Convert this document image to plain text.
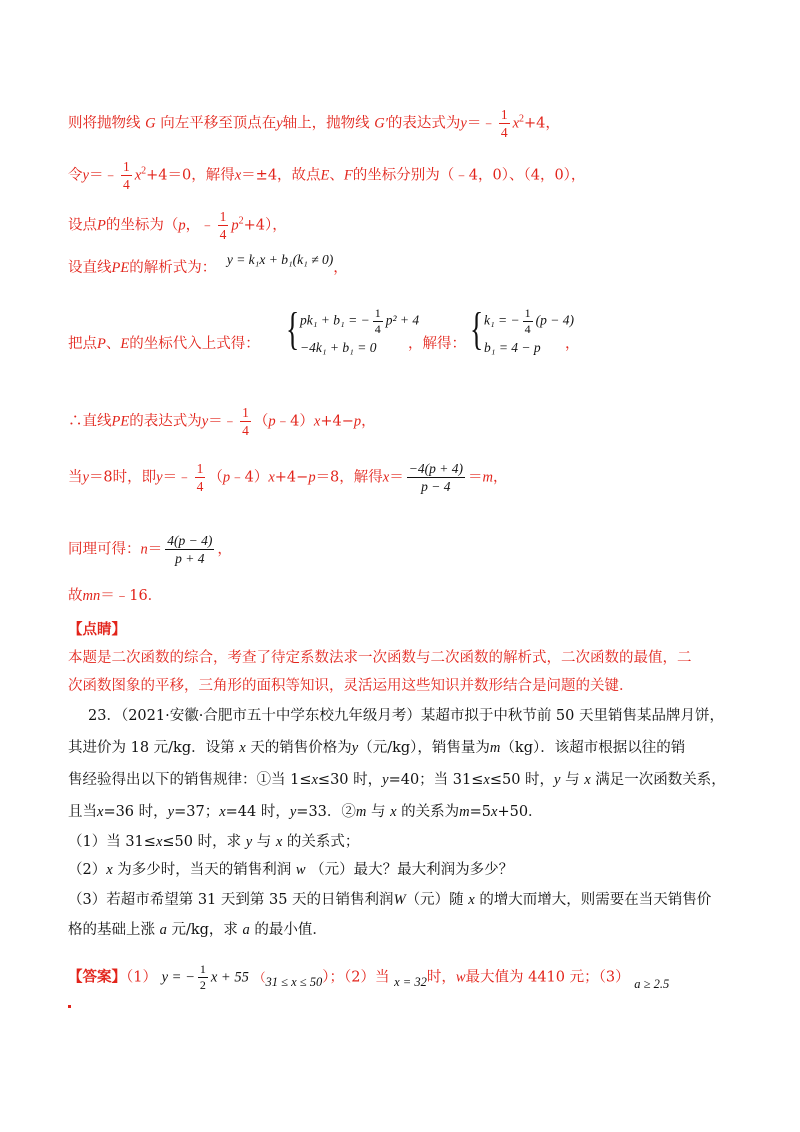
则将抛物线 G 向左平移至顶点在y轴上，抛物线 G′的表达式为y＝﹣ $\frac{1}{4} x^2+4$，
令y＝﹣ $\frac{1}{4} x^2+4=0$，解得x＝±4，故点E、F的坐标分别为（﹣4，0）、（4，0），
设点P的坐标为（p，﹣ $\frac{1}{4} p^2+4$），
设直线PE的解析式为： y = k₁x + b₁(k₁ ≠ 0)，
把点P、E的坐标代入上式得： { pk₁ + b₁ = − $\frac{1}{4} p^2 + 4$
−4k₁ + b₁ = 0 ，解得： { k₁ = − $\frac{1}{4} (p - 4)$
b₁ = 4 − p ，
∴直线PE的表达式为y＝﹣ $\frac{1}{4}$ （p﹣4）x+4−p，
当y＝8时，即y＝﹣ $\frac{1}{4}$ （p﹣4）x+4−p＝8，解得$x= \frac{-4(p + 4)}{p - 4} =m$，
同理可得：$n= \frac{4(p - 4)}{p + 4}$ ，
故mn＝﹣16．
【点睛】
本题是二次函数的综合，考查了待定系数法求一次函数与二次函数的解析式，二次函数的最值，二
次函数图象的平移，三角形的面积等知识，灵活运用这些知识并数形结合是问题的关键．
23．（2021·安徽·合肥市五十中学东校九年级月考）某超市拟于中秋节前 50 天里销售某品牌月饼，
其进价为 18 元/kg．设第 x 天的销售价格为y（元/kg），销售量为m（kg）．该超市根据以往的销
售经验得出以下的销售规律：①当 1≤x≤30 时，y=40；当 31≤x≤50 时，y 与 x 满足一次函数关系，
且当x=36 时，y=37；x=44 时，y=33．②m 与 x 的关系为m=5x+50．
（1）当 31≤x≤50 时，求 y 与 x 的关系式；
（2）x 为多少时，当天的销售利润 w （元）最大？最大利润为多少？
（3）若超市希望第 31 天到第 35 天的日销售利润W（元）随 x 的增大而增大，则需要在当天销售价
格的基础上涨 a 元/kg，求 a 的最小值．
【答案】（1） y = − $\frac{1}{2}$ x + 55 （31 ≤ x ≤ 50）；（2）当 x = 32时，w最大值为 4410 元；（3） a ≥ 2.5
